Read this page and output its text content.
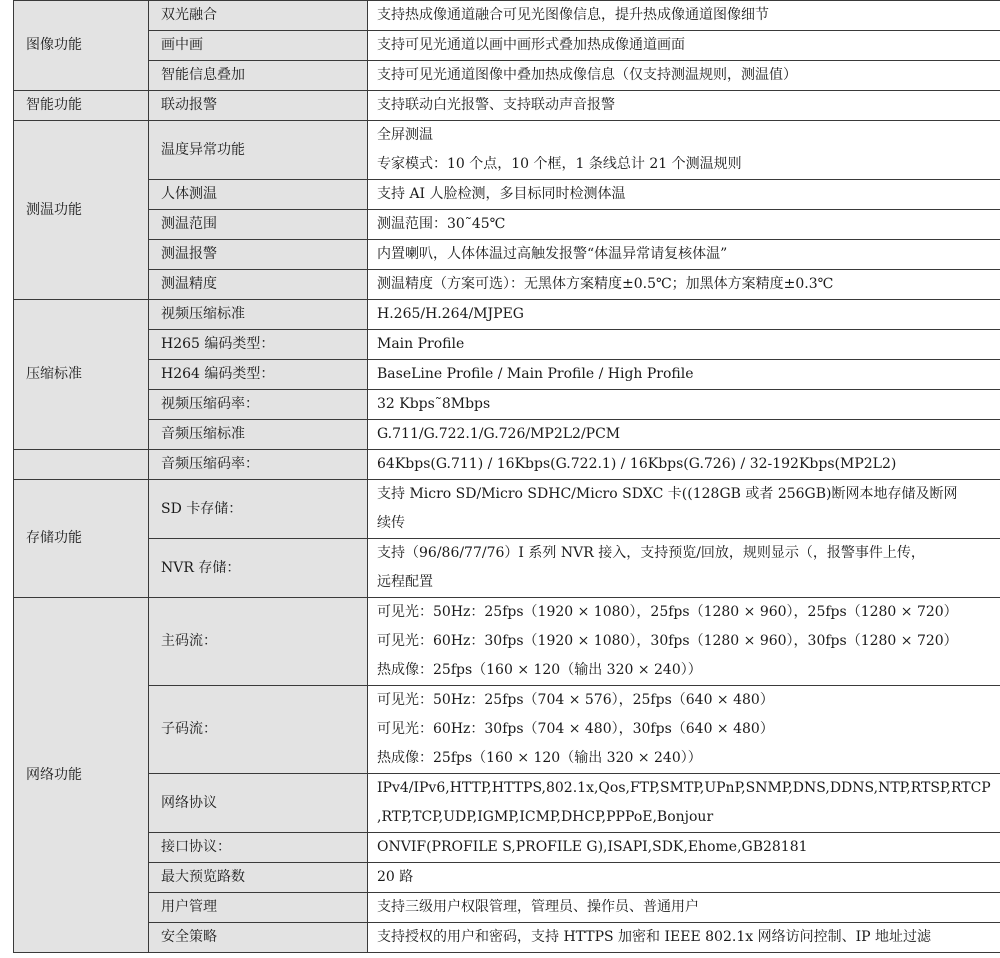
图像功能	双光融合	支持热成像通道融合可见光图像信息，提升热成像通道图像细节
	画中画	支持可见光通道以画中画形式叠加热成像通道画面
	智能信息叠加	支持可见光通道图像中叠加热成像信息（仅支持测温规则，测温值）
智能功能	联动报警	支持联动白光报警、支持联动声音报警
测温功能	温度异常功能	全屏测温
专家模式：10 个点，10 个框，1 条线总计 21 个测温规则

	人体测温	支持 AI 人脸检测，多目标同时检测体温
	测温范围	测温范围：30˜45℃
	测温报警	内置喇叭，人体体温过高触发报警“体温异常请复核体温”
	测温精度	测温精度（方案可选）：无黑体方案精度±0.5℃；加黑体方案精度±0.3℃
压缩标准	视频压缩标准	H.265/H.264/MJPEG
	H265 编码类型：	Main Profile
	H264 编码类型：	BaseLine Profile / Main Profile / High Profile
	视频压缩码率：	32 Kbps˜8Mbps
	音频压缩标准	G.711/G.722.1/G.726/MP2L2/PCM
	音频压缩码率：	64Kbps(G.711) / 16Kbps(G.722.1) / 16Kbps(G.726) / 32-192Kbps(MP2L2)
存储功能	SD 卡存储：	支持 Micro SD/Micro SDHC/Micro SDXC 卡((128GB 或者 256GB)断网本地存储及断网
续传

	NVR 存储：	支持（96/86/77/76）I 系列 NVR 接入，支持预览/回放，规则显示（，报警事件上传，
远程配置

网络功能	主码流：	可见光：50Hz：25fps（1920 × 1080），25fps（1280 × 960），25fps（1280 × 720）
可见光：60Hz：30fps（1920 × 1080），30fps（1280 × 960），30fps（1280 × 720）
热成像：25fps（160 × 120（输出 320 × 240））

	子码流：	可见光：50Hz：25fps（704 × 576），25fps（640 × 480）
可见光：60Hz：30fps（704 × 480），30fps（640 × 480）
热成像：25fps（160 × 120（输出 320 × 240））

	网络协议	IPv4/IPv6,HTTP,HTTPS,802.1x,Qos,FTP,SMTP,UPnP,SNMP,DNS,DDNS,NTP,RTSP,RTCP
,RTP,TCP,UDP,IGMP,ICMP,DHCP,PPPoE,Bonjour

	接口协议：	ONVIF(PROFILE S,PROFILE G),ISAPI,SDK,Ehome,GB28181
	最大预览路数	20 路
	用户管理	支持三级用户权限管理，管理员、操作员、普通用户
	安全策略	支持授权的用户和密码，支持 HTTPS 加密和 IEEE 802.1x 网络访问控制、IP 地址过滤
